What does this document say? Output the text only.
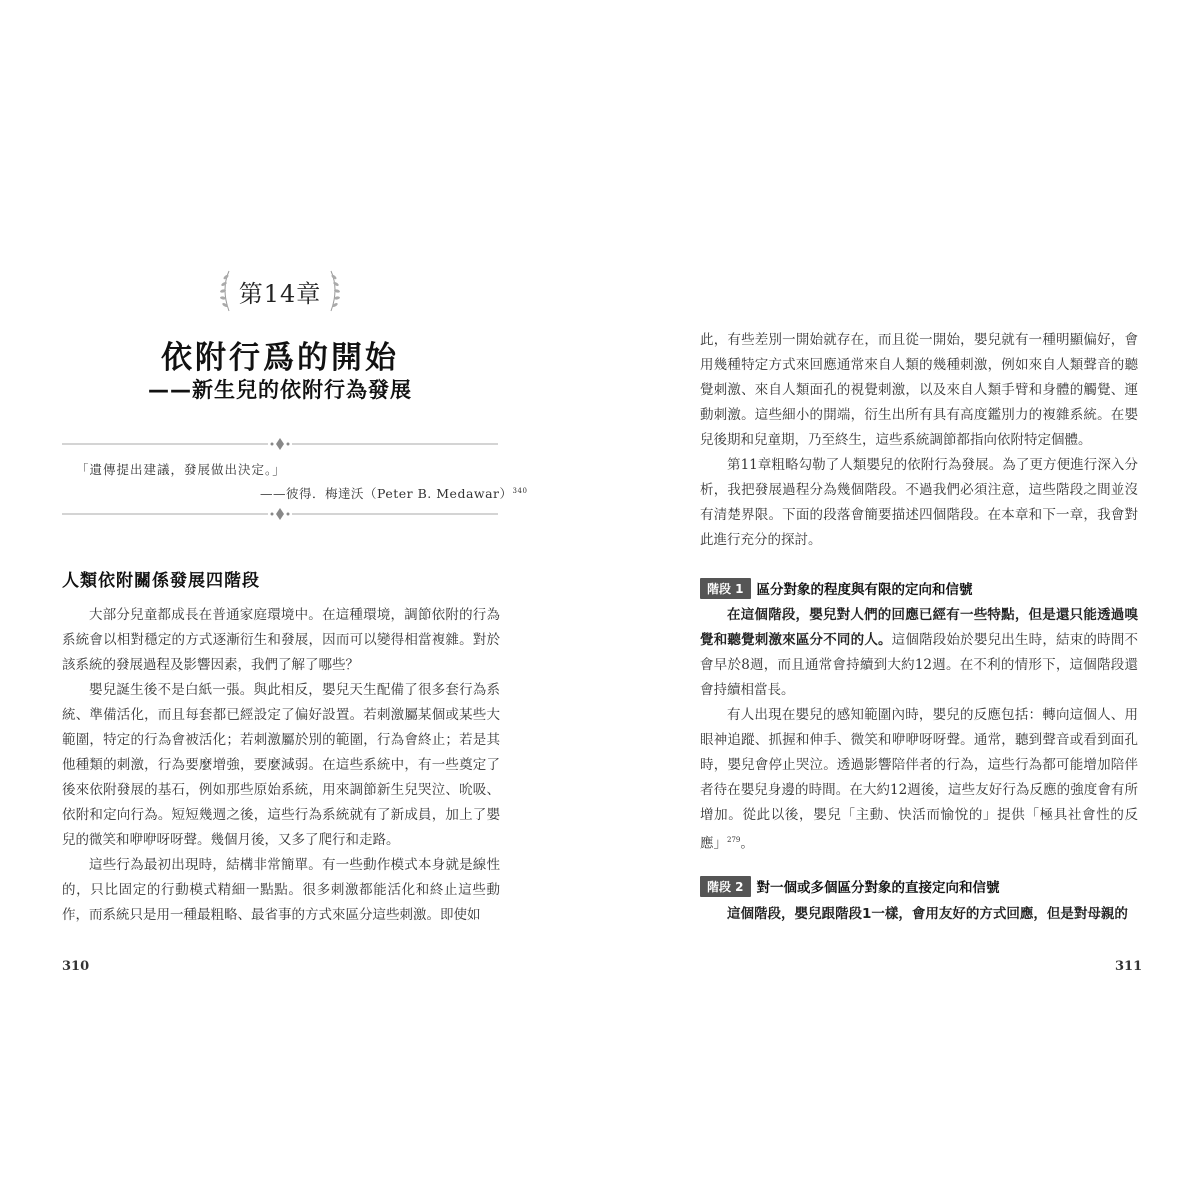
第14章
依附行爲的開始
——新生兒的依附行為發展
「遺傳提出建議，發展做出決定。」
——彼得．梅達沃（Peter B. Medawar）$^{340}$
人類依附關係發展四階段

大部分兒童都成長在普通家庭環境中。在這種環境，調節依附的行為系統會以相對穩定的方式逐漸衍生和發展，因而可以變得相當複雜。對於該系統的發展過程及影響因素，我們了解了哪些？

嬰兒誕生後不是白紙一張。與此相反，嬰兒天生配備了很多套行為系統、準備活化，而且每套都已經設定了偏好設置。若刺激屬某個或某些大範圍，特定的行為會被活化；若刺激屬於別的範圍，行為會終止；若是其他種類的刺激，行為要麼增強，要麼減弱。在這些系統中，有一些奠定了後來依附發展的基石，例如那些原始系統，用來調節新生兒哭泣、吮吸、依附和定向行為。短短幾週之後，這些行為系統就有了新成員，加上了嬰兒的微笑和咿咿呀呀聲。幾個月後，又多了爬行和走路。

這些行為最初出現時，結構非常簡單。有一些動作模式本身就是線性的，只比固定的行動模式精細一點點。很多刺激都能活化和終止這些動作，而系統只是用一種最粗略、最省事的方式來區分這些刺激。即使如

310

此，有些差別一開始就存在，而且從一開始，嬰兒就有一種明顯偏好，會用幾種特定方式來回應通常來自人類的幾種刺激，例如來自人類聲音的聽覺刺激、來自人類面孔的視覺刺激，以及來自人類手臂和身體的觸覺、運動刺激。這些細小的開端，衍生出所有具有高度鑑別力的複雜系統。在嬰兒後期和兒童期，乃至終生，這些系統調節都指向依附特定個體。

第11章粗略勾勒了人類嬰兒的依附行為發展。為了更方便進行深入分析，我把發展過程分為幾個階段。不過我們必須注意，這些階段之間並沒有清楚界限。下面的段落會簡要描述四個階段。在本章和下一章，我會對此進行充分的探討。

階段 1 區分對象的程度與有限的定向和信號

在這個階段，嬰兒對人們的回應已經有一些特點，但是還只能透過嗅覺和聽覺刺激來區分不同的人。這個階段始於嬰兒出生時，結束的時間不會早於8週，而且通常會持續到大約12週。在不利的情形下，這個階段還會持續相當長。

有人出現在嬰兒的感知範圍內時，嬰兒的反應包括：轉向這個人、用眼神追蹤、抓握和伸手、微笑和咿咿呀呀聲。通常，聽到聲音或看到面孔時，嬰兒會停止哭泣。透過影響陪伴者的行為，這些行為都可能增加陪伴者待在嬰兒身邊的時間。在大約12週後，這些友好行為反應的強度會有所增加。從此以後，嬰兒「主動、快活而愉悅的」提供「極具社會性的反應」$^{279}$。

階段 2 對一個或多個區分對象的直接定向和信號

這個階段，嬰兒跟階段1一樣，會用友好的方式回應，但是對母親的

311
